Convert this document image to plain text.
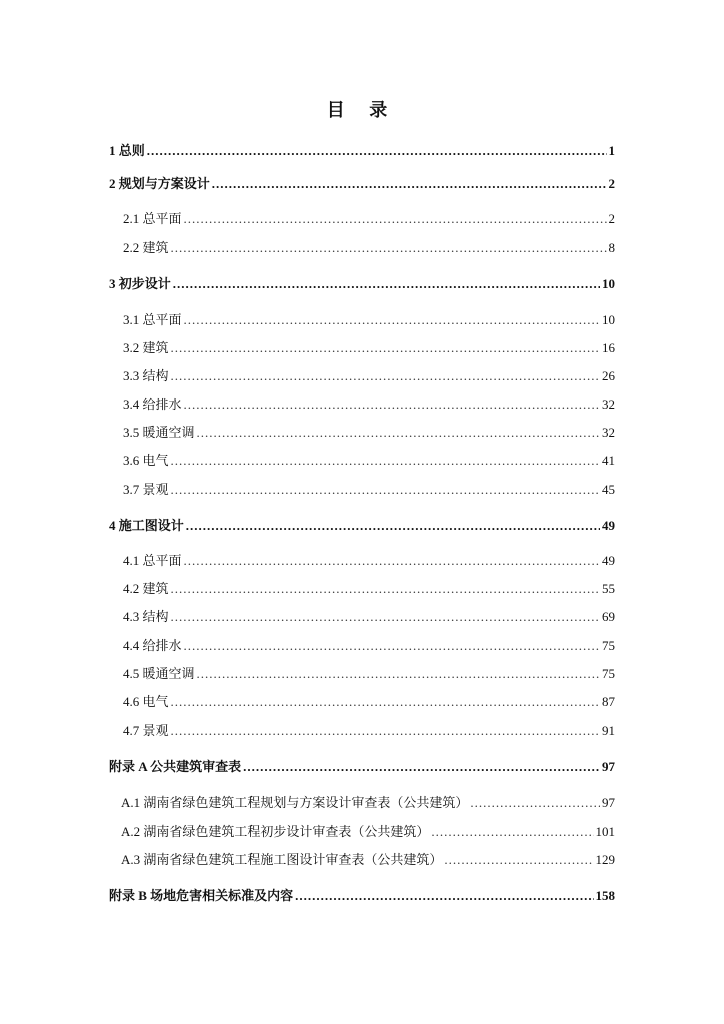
目 录
1 总则 .....	1
2 规划与方案设计 .....	2
2.1 总平面 .....	2
2.2 建筑 .....	8
3 初步设计 .....	10
3.1 总平面 .....	10
3.2 建筑 .....	16
3.3 结构 .....	26
3.4 给排水 .....	32
3.5 暖通空调 .....	32
3.6 电气 .....	41
3.7 景观 .....	45
4 施工图设计 .....	49
4.1 总平面 .....	49
4.2 建筑 .....	55
4.3 结构 .....	69
4.4 给排水 .....	75
4.5 暖通空调 .....	75
4.6 电气 .....	87
4.7 景观 .....	91
附录 A 公共建筑审查表 .....	97
A.1 湖南省绿色建筑工程规划与方案设计审查表（公共建筑） .....	97
A.2 湖南省绿色建筑工程初步设计审查表（公共建筑） .....	101
A.3 湖南省绿色建筑工程施工图设计审查表（公共建筑） .....	129
附录 B 场地危害相关标准及内容 .....	158
